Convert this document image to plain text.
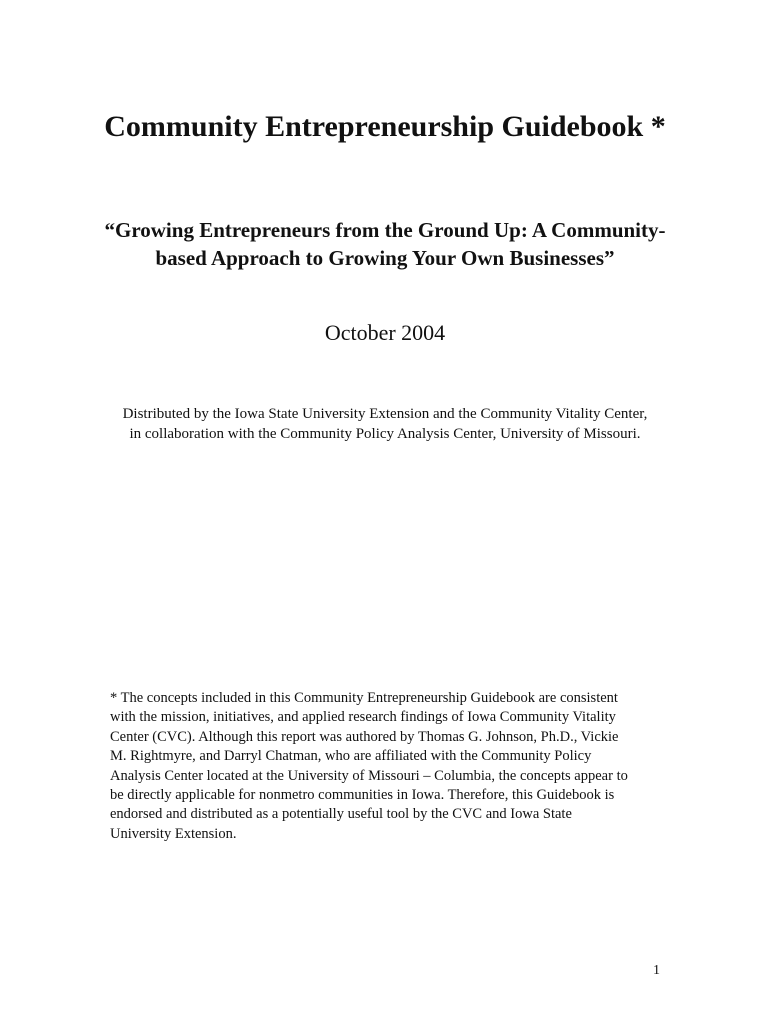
Community Entrepreneurship Guidebook *
“Growing Entrepreneurs from the Ground Up: A Community-
based Approach to Growing Your Own Businesses”
October 2004
Distributed by the Iowa State University Extension and the Community Vitality Center,
in collaboration with the Community Policy Analysis Center, University of Missouri.
* The concepts included in this Community Entrepreneurship Guidebook are consistent
with the mission, initiatives, and applied research findings of Iowa Community Vitality
Center (CVC). Although this report was authored by Thomas G. Johnson, Ph.D., Vickie
M. Rightmyre, and Darryl Chatman, who are affiliated with the Community Policy
Analysis Center located at the University of Missouri – Columbia, the concepts appear to
be directly applicable for nonmetro communities in Iowa. Therefore, this Guidebook is
endorsed and distributed as a potentially useful tool by the CVC and Iowa State
University Extension.
1
